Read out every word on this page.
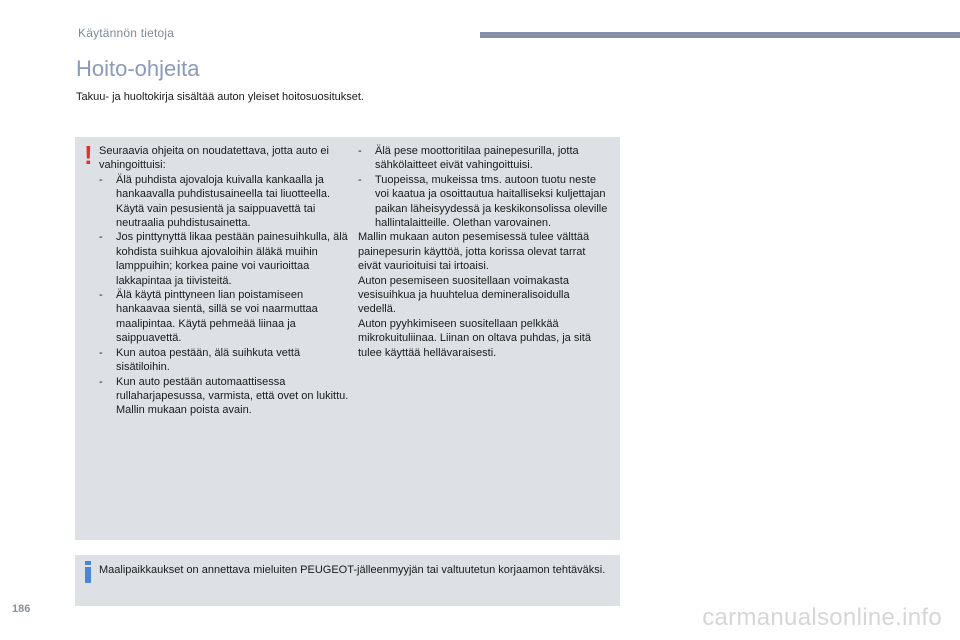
Käytännön tietoja
Hoito-ohjeita
Takuu- ja huoltokirja sisältää auton yleiset hoitosuositukset.
! Seuraavia ohjeita on noudatettava, jotta auto ei vahingoittuisi:

-	Älä puhdista ajovaloja kuivalla kankaalla ja hankaavalla puhdistusaineella tai liuotteella. Käytä vain pesusientä ja saippuavettä tai neutraalia puhdistusainetta.
-	Jos pinttynyttä likaa pestään painesuihkulla, älä kohdista suihkua ajovaloihin äläkä muihin lamppuihin; korkea paine voi vaurioittaa lakkapintaa ja tiivisteitä.
-	Älä käytä pinttyneen lian poistamiseen hankaavaa sientä, sillä se voi naarmuttaa maalipintaa. Käytä pehmeää liinaa ja saippuavettä.
-	Kun autoa pestään, älä suihkuta vettä sisätiloihin.
-	Kun auto pestään automaattisessa rullaharjapesussa, varmista, että ovet on lukittu. Mallin mukaan poista avain.
-	Älä pese moottoritilaa painepesurilla, jotta sähkölaitteet eivät vahingoittuisi.
-	Tuopeissa, mukeissa tms. autoon tuotu neste voi kaatua ja osoittautua haitalliseksi kuljettajan paikan läheisyydessä ja keskikonsolissa oleville hallintalaitteille. Olethan varovainen.

Mallin mukaan auton pesemisessä tulee välttää painepesurin käyttöä, jotta korissa olevat tarrat eivät vaurioituisi tai irtoaisi.

Auton pesemiseen suositellaan voimakasta vesisuihkua ja huuhtelua demineralisoidulla vedellä.

Auton pyyhkimiseen suositellaan pelkkää mikrokuituliinaa. Liinan on oltava puhdas, ja sitä tulee käyttää hellävaraisesti.

Maalipaikkaukset on annettava mieluiten PEUGEOT-jälleenmyyjän tai valtuutetun korjaamon tehtäväksi.
186	carmanualsonline.info
